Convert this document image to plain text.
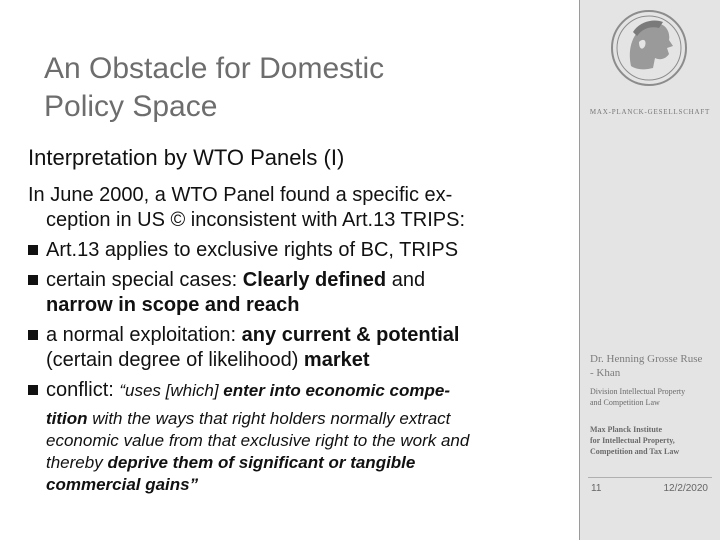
An Obstacle for Domestic
Policy Space
Interpretation by WTO Panels (I)
In June 2000, a WTO Panel found a specific ex-
ception in US © inconsistent with Art.13 TRIPS:
Art.13 applies to exclusive rights of BC, TRIPS
certain special cases: Clearly defined and
narrow in scope and reach
a normal exploitation: any current & potential
(certain degree of likelihood) market
conflict: “uses [which] enter into economic compe-
tition with the ways that right holders normally extract
economic value from that exclusive right to the work and
thereby deprive them of significant or tangible
commercial gains”
MAX-PLANCK-GESELLSCHAFT
Dr. Henning Grosse Ruse
- Khan
Division Intellectual Property
and Competition Law
Max Planck Institute
for Intellectual Property,
Competition and Tax Law
11	12/2/2020
